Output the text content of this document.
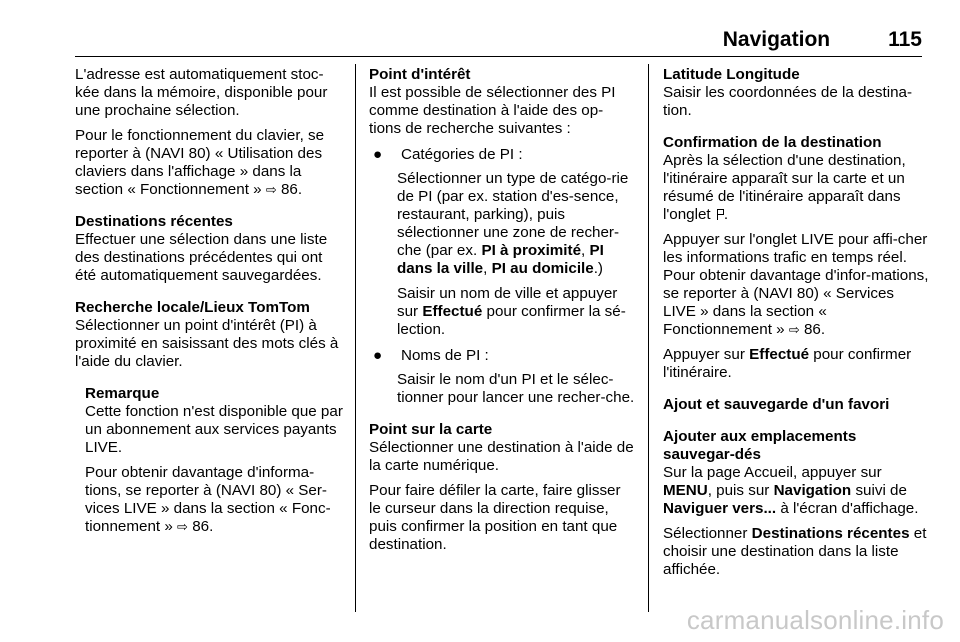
Navigation	115

L'adresse est automatiquement stoc-kée dans la mémoire, disponible pour une prochaine sélection.

Pour le fonctionnement du clavier, se reporter à (NAVI 80) « Utilisation des claviers dans l'affichage » dans la section « Fonctionnement » ⇨ 86.

Destinations récentes

Effectuer une sélection dans une liste des destinations précédentes qui ont été automatiquement sauvegardées.

Recherche locale/Lieux TomTom

Sélectionner un point d'intérêt (PI) à proximité en saisissant des mots clés à l'aide du clavier.

Remarque

Cette fonction n'est disponible que par un abonnement aux services payants LIVE.

Pour obtenir davantage d'informa-tions, se reporter à (NAVI 80) « Ser-vices LIVE » dans la section « Fonc-tionnement » ⇨ 86.

Point d'intérêt

Il est possible de sélectionner des PI comme destination à l'aide des op-tions de recherche suivantes :

●	Catégories de PI :

Sélectionner un type de catégo-rie de PI (par ex. station d'es-sence, restaurant, parking), puis sélectionner une zone de recher-che (par ex. PI à proximité, PI dans la ville, PI au domicile.)

Saisir un nom de ville et appuyer sur Effectué pour confirmer la sé-lection.

●	Noms de PI :

Saisir le nom d'un PI et le sélec-tionner pour lancer une recher-che.

Point sur la carte

Sélectionner une destination à l'aide de la carte numérique.

Pour faire défiler la carte, faire glisser le curseur dans la direction requise, puis confirmer la position en tant que destination.

Latitude Longitude

Saisir les coordonnées de la destina-tion.

Confirmation de la destination

Après la sélection d'une destination, l'itinéraire apparaît sur la carte et un résumé de l'itinéraire apparaît dans l'onglet .

Appuyer sur l'onglet LIVE pour affi-cher les informations trafic en temps réel. Pour obtenir davantage d'infor-mations, se reporter à (NAVI 80) « Services LIVE » dans la section « Fonctionnement » ⇨ 86.

Appuyer sur Effectué pour confirmer l'itinéraire.

Ajout et sauvegarde d'un favori

Ajouter aux emplacements sauvegar-dés

Sur la page Accueil, appuyer sur MENU, puis sur Navigation suivi de Naviguer vers... à l'écran d'affichage.

Sélectionner Destinations récentes et choisir une destination dans la liste affichée.

carmanualsonline.info
